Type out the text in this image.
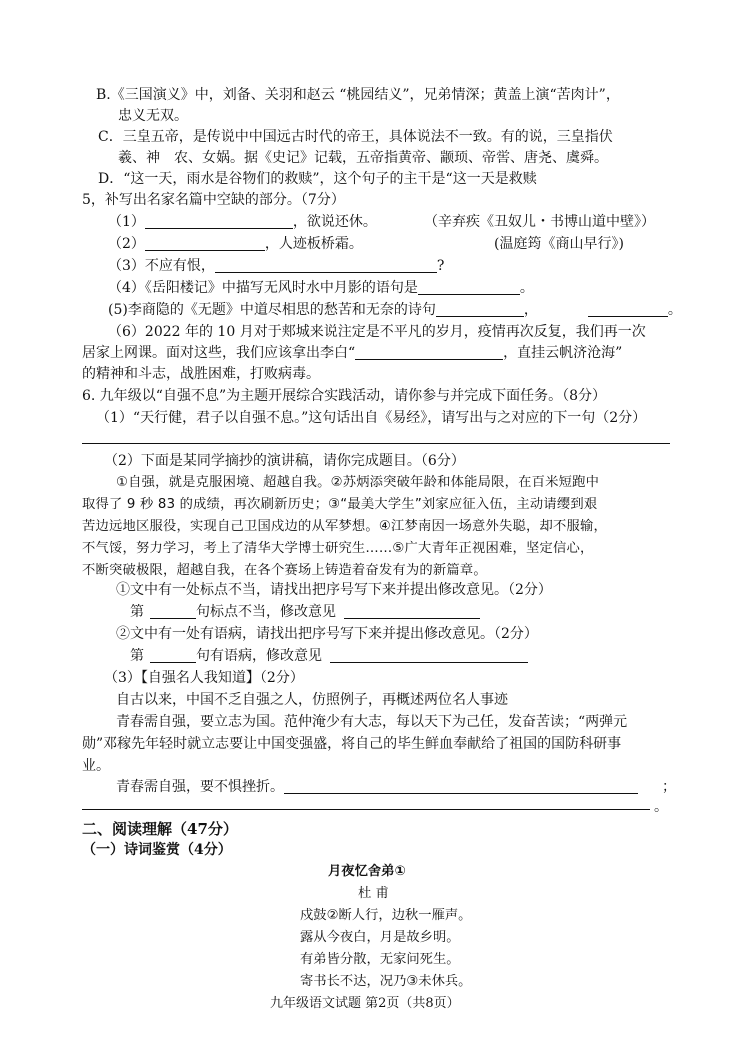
B.《三国演义》中，刘备、关羽和赵云 “桃园结义”，兄弟情深；黄盖上演“苦肉计”，
忠义无双。
C．三皇五帝，是传说中中国远古时代的帝王，具体说法不一致。有的说，三皇指伏
羲、神　农、女娲。据《史记》记载，五帝指黄帝、颛顼、帝喾、唐尧、虞舜。
D．“这一天，雨水是谷物们的救赎”，这个句子的主干是“这一天是救赎
5，补写出名家名篇中空缺的部分。（7分）
（1）	，欲说还休。	（辛弃疾《丑奴儿・书博山道中壁》）
（2）	，人迹板桥霜。	(温庭筠《商山早行》)
（3）不应有恨，	?
（4）《岳阳楼记》中描写无风时水中月影的语句是	。
(5)李商隐的《无题》中道尽相思的愁苦和无奈的诗句	，	。
（6）2022 年的 10 月对于郏城来说注定是不平凡的岁月，疫情再次反复，我们再一次
居家上网课。面对这些，我们应该拿出李白“	，直挂云帆济沧海”
的精神和斗志，战胜困难，打败病毒。
6. 九年级以“自强不息”为主题开展综合实践活动，请你参与并完成下面任务。（8分）
（1）“天行健，君子以自强不息。”这句话出自《易经》，请写出与之对应的下一句（2分）
（2）下面是某同学摘抄的演讲稿，请你完成题目。（6分）
①自强，就是克服困境、超越自我。②苏炳添突破年龄和体能局限，在百米短跑中
取得了 9 秒 83 的成绩，再次刷新历史；③“最美大学生”刘家应征入伍，主动请缨到艰
苦边远地区服役，实现自己卫国戍边的从军梦想。④江梦南因一场意外失聪，却不服输，
不气馁，努力学习，考上了清华大学博士研究生……⑤广大青年正视困难，坚定信心，
不断突破极限，超越自我，在各个赛场上铸造着奋发有为的新篇章。
①文中有一处标点不当，请找出把序号写下来并提出修改意见。（2分）
第	句标点不当，修改意见
②文中有一处有语病，请找出把序号写下来并提出修改意见。（2分）
第	句有语病，修改意见
（3）【自强名人我知道】（2分）
自古以来，中国不乏自强之人，仿照例子，再概述两位名人事迹
青春需自强，要立志为国。范仲淹少有大志，每以天下为己任，发奋苦读；“两弹元
勋”邓稼先年轻时就立志要让中国变强盛，将自己的毕生鲜血奉献给了祖国的国防科研事
业。
青春需自强，要不惧挫折。	；
。
二、阅读理解（47分）
（一）诗词鉴赏（4分）
月夜忆舍弟①
杜 甫
戍鼓②断人行，边秋一雁声。
露从今夜白，月是故乡明。
有弟皆分散，无家问死生。
寄书长不达，况乃③未休兵。
九年级语文试题 第2页（共8页）
